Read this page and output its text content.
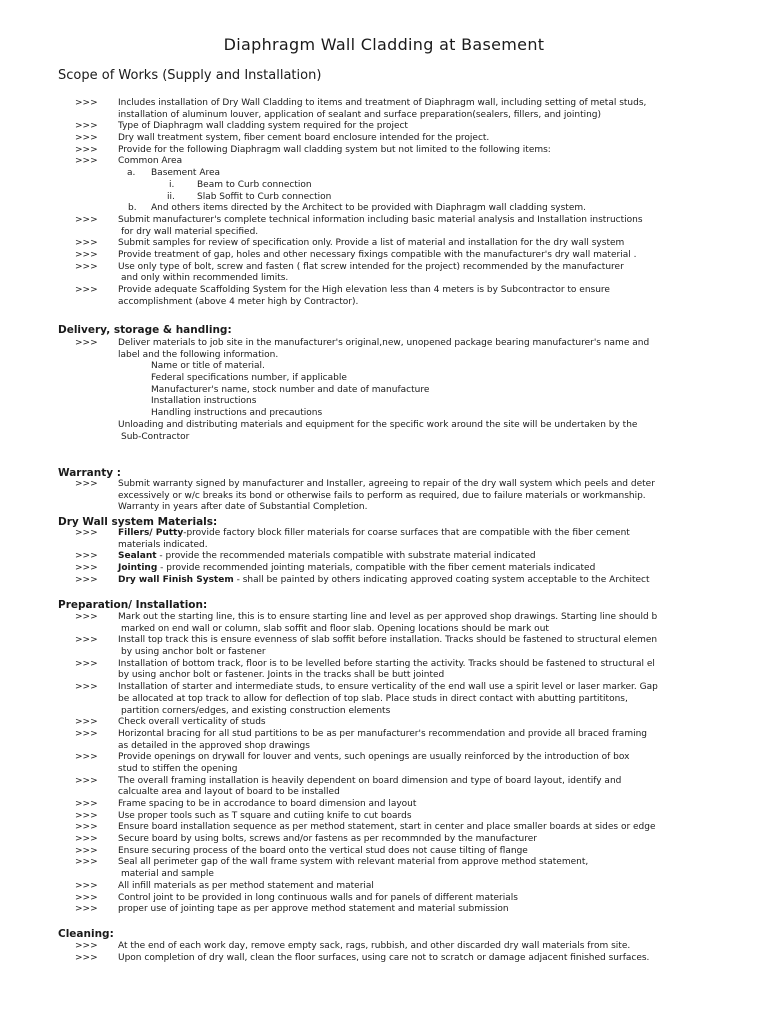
Diaphragm Wall Cladding at Basement
Scope of Works (Supply and Installation)
>>> Includes installation of Dry Wall Cladding to items and treatment of Diaphragm wall, including setting of metal studs,
installation of aluminum louver, application of sealant and surface preparation(sealers, fillers, and jointing)
>>> Type of Diaphragm wall cladding system required for the project
>>> Dry wall treatment system, fiber cement board enclosure intended for the project.
>>> Provide for the following Diaphragm wall cladding system but not limited to the following items:
>>> Common Area
a. Basement Area
i.	Beam to Curb connection
ii. Slab Soffit to Curb connection
b. And others items directed by the Architect to be provided with Diaphragm wall cladding system.
>>> Submit manufacturer's complete technical information including basic material analysis and Installation instructions
for dry wall material specified.
>>> Submit samples for review of specification only. Provide a list of material and installation for the dry wall system
>>> Provide treatment of gap, holes and other necessary fixings compatible with the manufacturer's dry wall material .
>>> Use only type of bolt, screw and fasten ( flat screw intended for the project) recommended by the manufacturer
and only within recommended limits.
>>> Provide adequate Scaffolding System for the High elevation less than 4 meters is by Subcontractor to ensure
accomplishment (above 4 meter high by Contractor).
Delivery, storage & handling:
>>> Deliver materials to job site in the manufacturer's original,new, unopened package bearing manufacturer's name and
label and the following information.
Name or title of material.
Federal specifications number, if applicable
Manufacturer's name, stock number and date of manufacture
Installation instructions
Handling instructions and precautions
Unloading and distributing materials and equipment for the specific work around the site will be undertaken by the
Sub-Contractor
Warranty :
>>> Submit warranty signed by manufacturer and Installer, agreeing to repair of the dry wall system which peels and deter
excessively or w/c breaks its bond or otherwise fails to perform as required, due to failure materials or workmanship.
Warranty in years after date of Substantial Completion.
Dry Wall system Materials:
>>> Fillers/ Putty-provide factory block filler materials for coarse surfaces that are compatible with the fiber cement
materials indicated.
>>> Sealant - provide the recommended materials compatible with substrate material indicated
>>> Jointing - provide recommended jointing materials, compatible with the fiber cement materials indicated
>>> Dry wall Finish System - shall be painted by others indicating approved coating system acceptable to the Architect
Preparation/ Installation:
>>> Mark out the starting line, this is to ensure starting line and level as per approved shop drawings. Starting line should b
marked on end wall or column, slab soffit and floor slab. Opening locations should be mark out
>>> Install top track this is ensure evenness of slab soffit before installation. Tracks should be fastened to structural elemen
by using anchor bolt or fastener
>>> Installation of bottom track, floor is to be levelled before starting the activity. Tracks should be fastened to structural el
by using anchor bolt or fastener. Joints in the tracks shall be butt jointed
>>> Installation of starter and intermediate studs, to ensure verticality of the end wall use a spirit level or laser marker. Gap
be allocated at top track to allow for deflection of top slab. Place studs in direct contact with abutting partititons,
partition corners/edges, and existing construction elements
>>> Check overall verticality of studs
>>> Horizontal bracing for all stud partitions to be as per manufacturer's recommendation and provide all braced framing
as detailed in the approved shop drawings
>>> Provide openings on drywall for louver and vents, such openings are usually reinforced by the introduction of box
stud to stiffen the opening
>>> The overall framing installation is heavily dependent on board dimension and type of board layout, identify and
calcualte area and layout of board to be installed
>>> Frame spacing to be in accrodance to board dimension and layout
>>> Use proper tools such as T square and cutiing knife to cut boards
>>> Ensure board installation sequence as per method statement, start in center and place smaller boards at sides or edge
>>> Secure board by using bolts, screws and/or fastens as per recommnded by the manufacturer
>>> Ensure securing process of the board onto the vertical stud does not cause tilting of flange
>>> Seal all perimeter gap of the wall frame system with relevant material from approve method statement,
material and sample
>>> All infill materials as per method statement and material
>>> Control joint to be provided in long continuous walls and for panels of different materials
>>> proper use of jointing tape as per approve method statement and material submission
Cleaning:
>>> At the end of each work day, remove empty sack, rags, rubbish, and other discarded dry wall materials from site.
>>> Upon completion of dry wall, clean the floor surfaces, using care not to scratch or damage adjacent finished surfaces.
